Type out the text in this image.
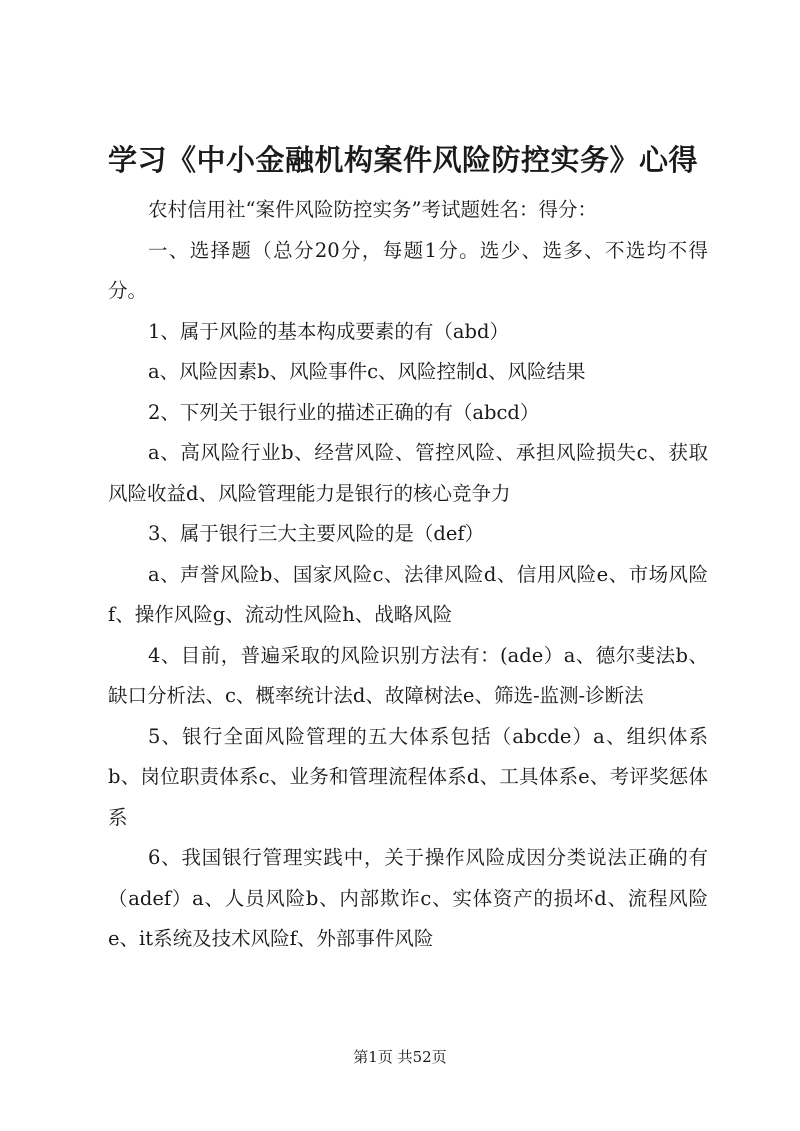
学习《中小金融机构案件风险防控实务》心得

农村信用社“案件风险防控实务”考试题姓名：得分：

一、选择题（总分20分，每题1分。选少、选多、不选均不得分。

1、属于风险的基本构成要素的有（abd）

a、风险因素b、风险事件c、风险控制d、风险结果

2、下列关于银行业的描述正确的有（abcd）

a、高风险行业b、经营风险、管控风险、承担风险损失c、获取风险收益d、风险管理能力是银行的核心竞争力

3、属于银行三大主要风险的是（def）

a、声誉风险b、国家风险c、法律风险d、信用风险e、市场风险f、操作风险g、流动性风险h、战略风险

4、目前，普遍采取的风险识别方法有：(ade）a、德尔斐法b、缺口分析法、c、概率统计法d、故障树法e、筛选-监测-诊断法

5、银行全面风险管理的五大体系包括（abcde）a、组织体系b、岗位职责体系c、业务和管理流程体系d、工具体系e、考评奖惩体系

6、我国银行管理实践中，关于操作风险成因分类说法正确的有（adef）a、人员风险b、内部欺诈c、实体资产的损坏d、流程风险e、it系统及技术风险f、外部事件风险

第1页 共52页
